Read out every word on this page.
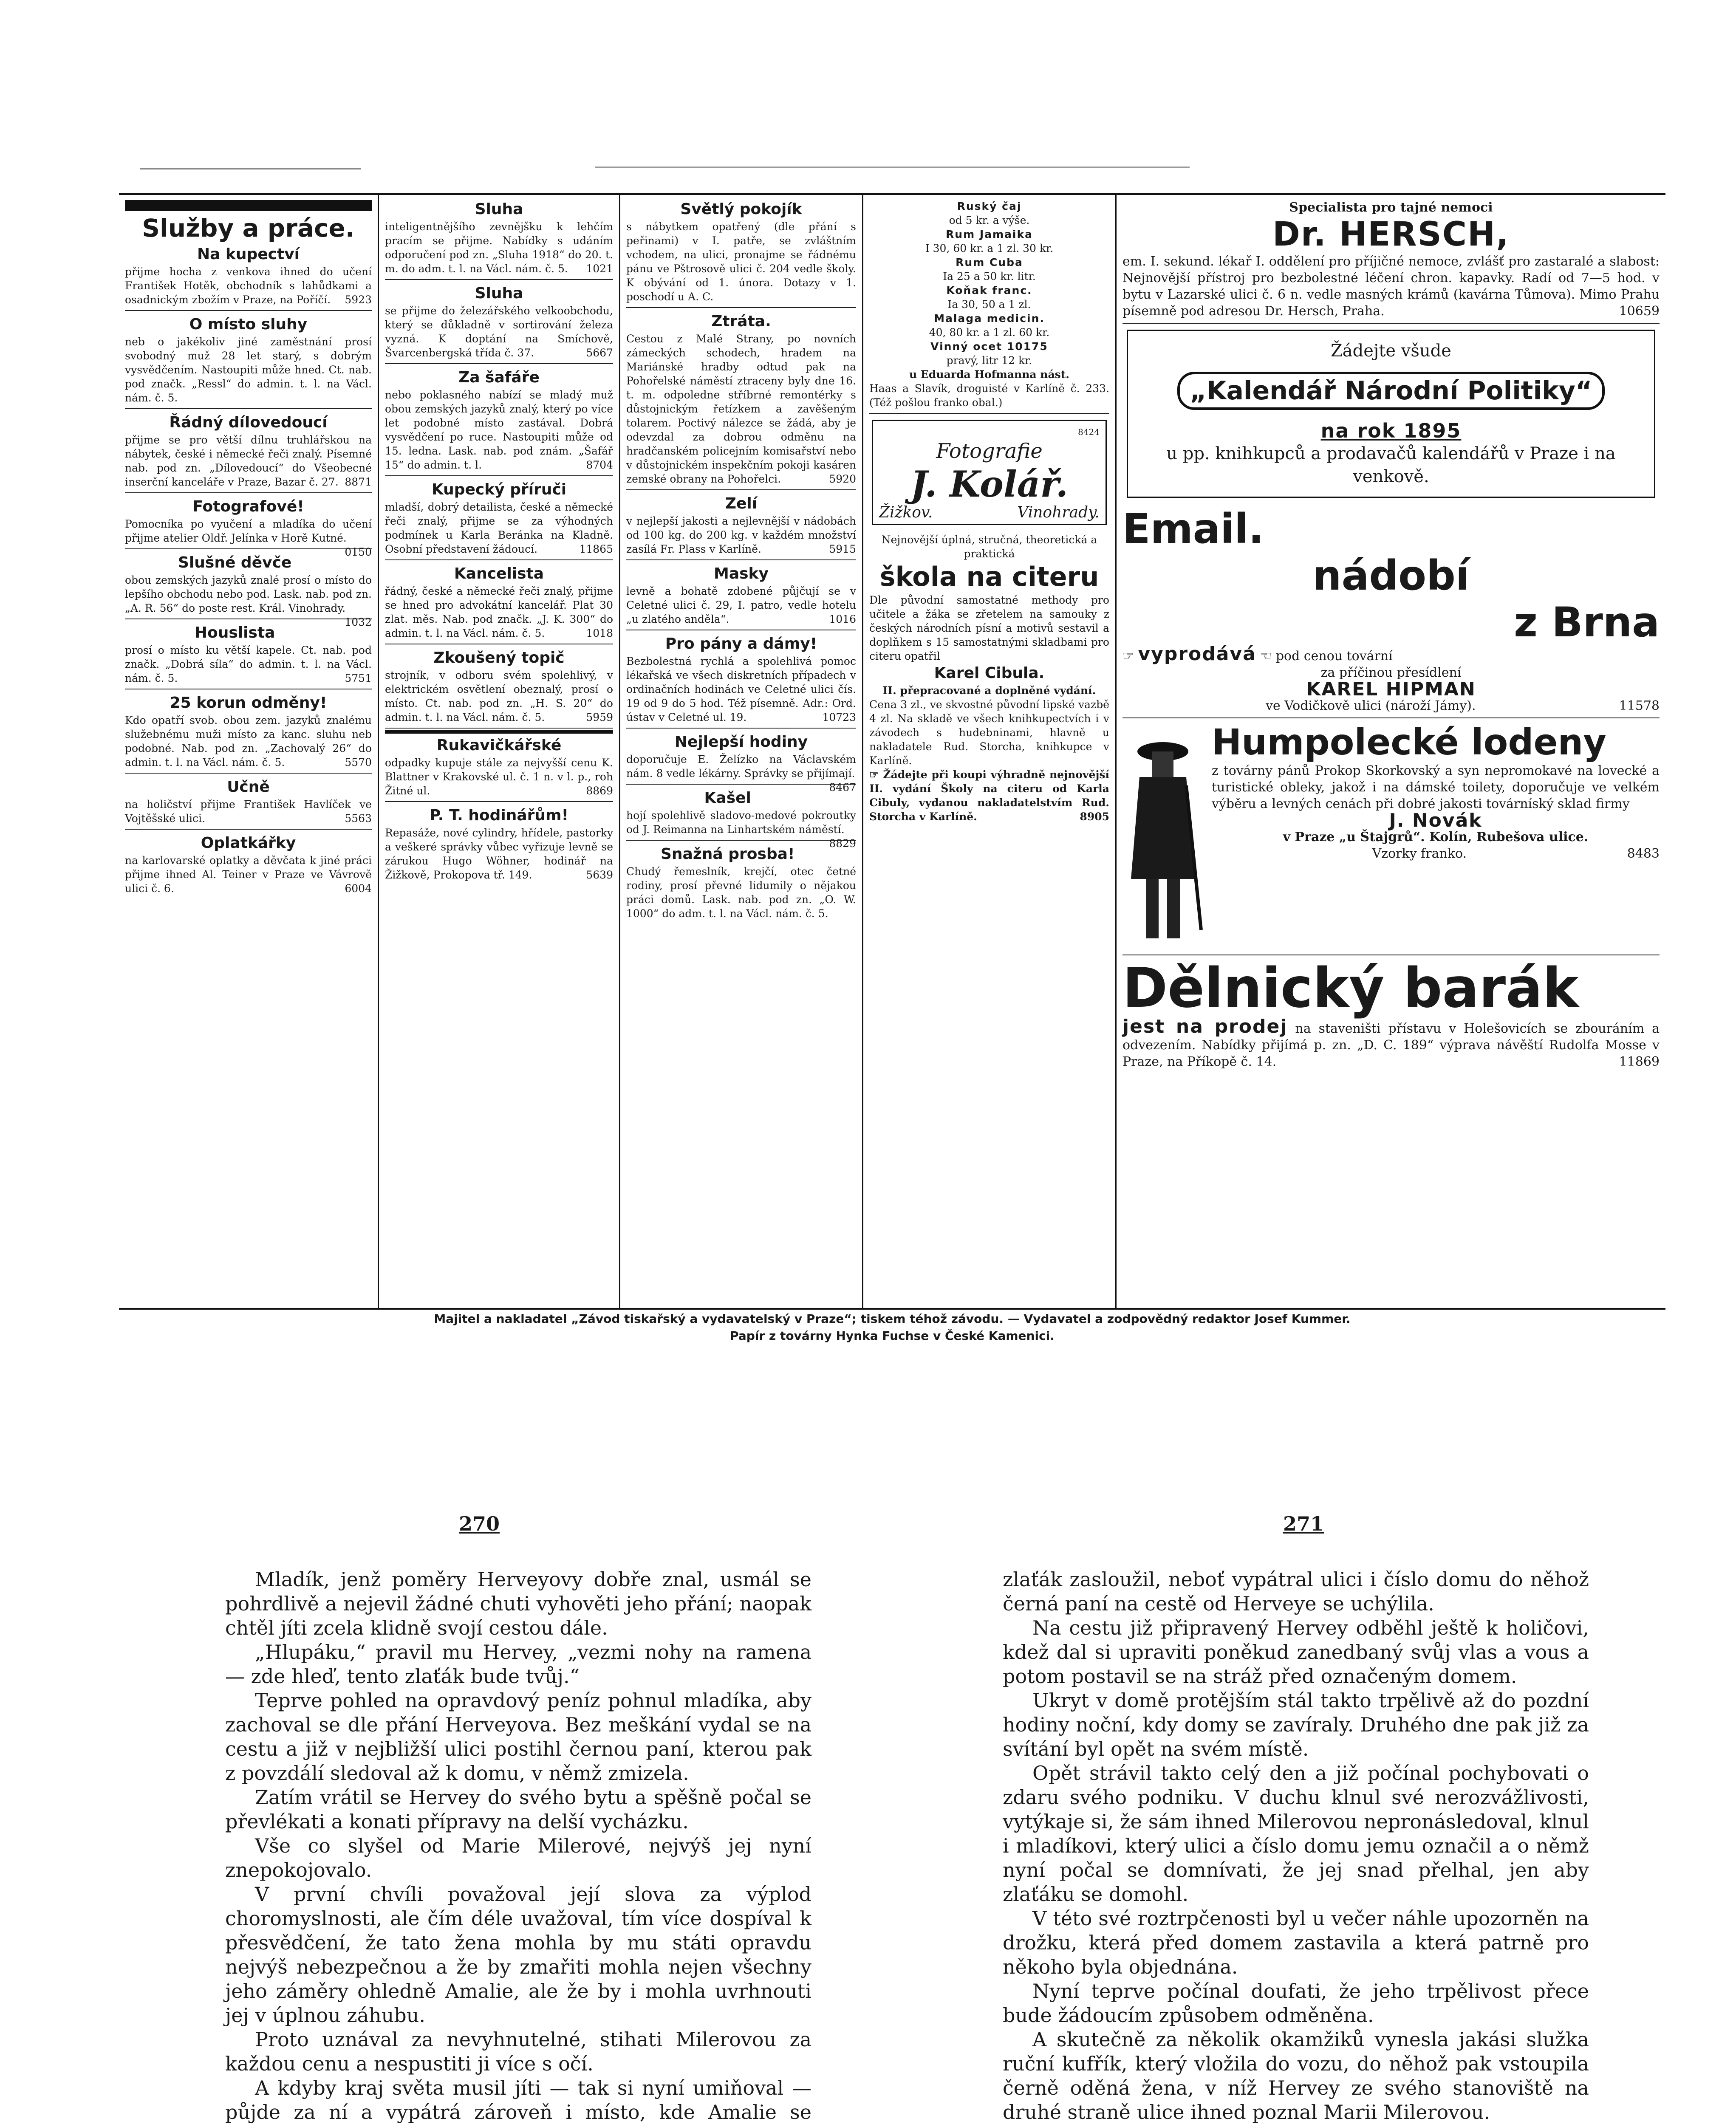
Služby a práce.
Na kupectví
přijme hocha z venkova ihned do učení František Hotěk, obchodník s lahůdkami a osadnickým zbožím v Praze, na Poříčí. 5923
O místo sluhy
neb o jakékoliv jiné zaměstnání prosí svobodný muž 28 let starý, s dobrým vysvědčením. Nastoupiti může hned. Ct. nab. pod značk. „Ressl“ do admin. t. l. na Václ. nám. č. 5.
Řádný dílovedoucí
přijme se pro větší dílnu truhlářskou na nábytek, české i německé řeči znalý. Písemné nab. pod zn. „Dílovedoucí“ do Všeobecné inserční kanceláře v Praze, Bazar č. 27. 8871
Fotografové!
Pomocníka po vyučení a mladíka do učení přijme atelier Oldř. Jelínka v Horě Kutné.
0150
Slušné děvče
obou zemských jazyků znalé prosí o místo do lepšího obchodu nebo pod. Lask. nab. pod zn. „A. R. 56“ do poste rest. Král. Vinohrady.
1032
Houslista
prosí o místo ku větší kapele. Ct. nab. pod značk. „Dobrá síla“ do admin. t. l. na Václ. nám. č. 5.	5751
25 korun odměny!
Kdo opatří svob. obou zem. jazyků znalému služebnému muži místo za kanc. sluhu neb podobné. Nab. pod zn. „Zachovalý 26“ do admin. t. l. na Václ. nám. č. 5.	5570
Učně
na holičství přijme František Havlíček ve Vojtěšské ulici.	5563
Oplatkářky
na karlovarské oplatky a děvčata k jiné práci přijme ihned Al. Teiner v Praze ve Vávrově ulici č. 6.	6004
Sluha
inteligentnějšího zevnějšku k lehčím pracím se přijme. Nabídky s udáním odporučení pod zn. „Sluha 1918“ do 20. t. m. do adm. t. l. na Václ. nám. č. 5. 1021
Sluha
se přijme do železářského velkoobchodu, který se důkladně v sortirování železa vyzná. K doptání na Smíchově, Švarcenbergská třída č. 37.	5667
Za šafáře
nebo poklasného nabízí se mladý muž obou zemských jazyků znalý, který po více let podobné místo zastával. Dobrá vysvědčení po ruce. Nastoupiti může od 15. ledna. Lask. nab. pod znám. „Šafář 15“ do admin. t. l.	8704
Kupecký příruči
mladší, dobrý detailista, české a německé řeči znalý, přijme se za výhodných podmínek u Karla Beránka na Kladně. Osobní představení žádoucí.	11865
Kancelista
řádný, české a německé řeči znalý, přijme se hned pro advokátní kancelář. Plat 30 zlat. měs. Nab. pod značk. „J. K. 300“ do admin. t. l. na Václ. nám. č. 5.	1018
Zkoušený topič
strojník, v odboru svém spolehlivý, v elektrickém osvětlení obeznalý, prosí o místo. Ct. nab. pod zn. „H. S. 20“ do admin. t. l. na Václ. nám. č. 5.	5959
Rukavičkářské
odpadky kupuje stále za nejvyšší cenu K. Blattner v Krakovské ul. č. 1 n. v l. p., roh Žitné ul.	8869
P. T. hodinářům!
Repasáže, nové cylindry, hřídele, pastorky a veškeré správky vůbec vyřizuje levně se zárukou Hugo Wöhner, hodinář na Žižkově, Prokopova tř. 149.	5639
Světlý pokojík
s nábytkem opatřený (dle přání s peřinami) v I. patře, se zvláštním vchodem, na ulici, pronajme se řádnému pánu ve Pštrosově ulici č. 204 vedle školy. K obývání od 1. února. Dotazy v 1. poschodí u A. C.
Ztráta.
Cestou z Malé Strany, po novních zámeckých schodech, hradem na Mariánské hradby odtud pak na Pohořelské náměstí ztraceny byly dne 16. t. m. odpoledne stříbrné remontérky s důstojnickým řetízkem a zavěšeným tolarem. Poctivý nálezce se žádá, aby je odevzdal za dobrou odměnu na hradčanském policejním komisařství nebo v důstojnickém inspekčním pokoji kasáren zemské obrany na Pohořelci.	5920
Zelí
v nejlepší jakosti a nejlevnější v nádobách od 100 kg. do 200 kg. v každém množství zasílá Fr. Plass v Karlíně.	5915
Masky
levně a bohatě zdobené půjčují se v Celetné ulici č. 29, I. patro, vedle hotelu „u zlatého anděla“.	1016
Pro pány a dámy!
Bezbolestná rychlá a spolehlivá pomoc lékařská ve všech diskretních případech v ordinačních hodinách ve Celetné ulici čís. 19 od 9 do 5 hod. Též písemně. Adr.: Ord. ústav v Celetné ul. 19.	10723
Nejlepší hodiny
doporučuje E. Želízko na Václavském nám. 8 vedle lékárny. Správky se přijímají.
8467
Kašel
hojí spolehlivě sladovo-medové pokroutky od J. Reimanna na Linhartském náměstí.
8829
Snažná prosba!
Chudý řemeslník, krejčí, otec četné rodiny, prosí převné lidumily o nějakou práci domů. Lask. nab. pod zn. „O. W. 1000“ do adm. t. l. na Václ. nám. č. 5.
Ruský čaj
od 5 kr. a výše.
Rum Jamaika
I 30, 60 kr. a 1 zl. 30 kr.
Rum Cuba
Ia 25 a 50 kr. litr.
Koňak franc.
Ia 30, 50 a 1 zl.
Malaga medicin.
40, 80 kr. a 1 zl. 60 kr.
Vinný ocet 10175
pravý, litr 12 kr.
u Eduarda Hofmanna nást.
Haas a Slavík, droguisté v Karlíně č. 233. (Též pošlou franko obal.)
8424
Fotografie
J. Kolář.
Žižkov.	Vinohrady.
Nejnovější úplná, stručná, theoretická a praktická
škola na citeru
Dle původní samostatné methody pro učitele a žáka se zřetelem na samouky z českých národních písní a motivů sestavil a doplňkem s 15 samostatnými skladbami pro citeru opatřil
Karel Cibula.
II. přepracované a doplněné vydání.
Cena 3 zl., ve skvostné původní lipské vazbě 4 zl. Na skladě ve všech knihkupectvích i v závodech s hudebninami, hlavně u nakladatele Rud. Storcha, knihkupce v Karlíně.
☞ Žádejte při koupi výhradně nejnovější II. vydání Školy na citeru od Karla Cibuly, vydanou nakladatelstvím Rud. Storcha v Karlíně.	8905
Specialista pro tajné nemoci
Dr. HERSCH,
em. I. sekund. lékař I. oddělení pro příjičné nemoce, zvlášť pro zastaralé a slabost: Nejnovější přístroj pro bezbolestné léčení chron. kapavky. Radí od 7—5 hod. v bytu v Lazarské ulici č. 6 n. vedle masných krámů (kavárna Tůmova). Mimo Prahu písemně pod adresou Dr. Hersch, Praha.	10659
Žádejte všude
„Kalendář Národní Politiky“
na rok 1895
u pp. knihkupců a prodavačů kalendářů v Praze i na venkově.
Email.
nádobí
z Brna
☞ vyprodává ☜ pod cenou tovární
za příčinou přesídlení
KAREL HIPMAN
ve Vodičkově ulici (nároží Jámy).	11578
Humpolecké lodeny
z továrny pánů Prokop Skorkovský a syn nepromokavé na lovecké a turistické obleky, jakož i na dámské toilety, doporučuje ve velkém výběru a levných cenách při dobré jakosti továrníský sklad firmy
J. Novák
v Praze „u Štajgrů“. Kolín, Rubešova ulice.
Vzorky franko.	8483
Dělnický barák
jest na prodej na staveništi přístavu v Holešovicích se zbouráním a odvezením. Nabídky přijímá p. zn. „D. C. 189“ výprava návěští Rudolfa Mosse v Praze, na Příkopě č. 14.	11869
Majitel a nakladatel „Závod tiskařský a vydavatelský v Praze“; tiskem téhož závodu. — Vydavatel a zodpovědný redaktor Josef Kummer.
Papír z továrny Hynka Fuchse v České Kamenici.
270	271

Mladík, jenž poměry Herveyovy dobře znal, usmál se pohrdlivě a nejevil žádné chuti vyhověti jeho přání; naopak chtěl jíti zcela klidně svojí cestou dále.

„Hlupáku,“ pravil mu Hervey, „vezmi nohy na ramena — zde hleď, tento zlaťák bude tvůj.“

Teprve pohled na opravdový peníz pohnul mladíka, aby zachoval se dle přání Herveyova. Bez meškání vydal se na cestu a již v nejbližší ulici postihl černou paní, kterou pak z povzdálí sledoval až k domu, v němž zmizela.

Zatím vrátil se Hervey do svého bytu a spěšně počal se převlékati a konati přípravy na delší vycházku.

Vše co slyšel od Marie Milerové, nejvýš jej nyní znepokojovalo.

V první chvíli považoval její slova za výplod choromyslnosti, ale čím déle uvažoval, tím více dospíval k přesvědčení, že tato žena mohla by mu státi opravdu nejvýš nebezpečnou a že by zmařiti mohla nejen všechny jeho záměry ohledně Amalie, ale že by i mohla uvrhnouti jej v úplnou záhubu.

Proto uznával za nevyhnutelné, stihati Milerovou za každou cenu a nespustiti ji více s očí.

A kdyby kraj světa musil jíti — tak si nyní umiňoval — půjde za ní a vypátrá zároveň i místo, kde Amalie se

zlaťák zasloužil, neboť vypátral ulici i číslo domu do něhož černá paní na cestě od Herveye se uchýlila.

Na cestu již připravený Hervey odběhl ještě k holičovi, kdež dal si upraviti poněkud zanedbaný svůj vlas a vous a potom postavil se na stráž před označeným domem.

Ukryt v domě protějším stál takto trpělivě až do pozdní hodiny noční, kdy domy se zavíraly. Druhého dne pak již za svítání byl opět na svém místě.

Opět strávil takto celý den a již počínal pochybovati o zdaru svého podniku. V duchu klnul své nerozvážlivosti, vytýkaje si, že sám ihned Milerovou nepronásledoval, klnul i mladíkovi, který ulici a číslo domu jemu označil a o němž nyní počal se domnívati, že jej snad přelhal, jen aby zlaťáku se domohl.

V této své roztrpčenosti byl u večer náhle upozorněn na drožku, která před domem zastavila a která patrně pro někoho byla objednána.

Nyní teprve počínal doufati, že jeho trpělivost přece bude žádoucím způsobem odměněna.

A skutečně za několik okamžiků vynesla jakási služka ruční kufřík, který vložila do vozu, do něhož pak vstoupila černě oděná žena, v níž Hervey ze svého stanoviště na druhé straně ulice ihned poznal Marii Milerovou.
